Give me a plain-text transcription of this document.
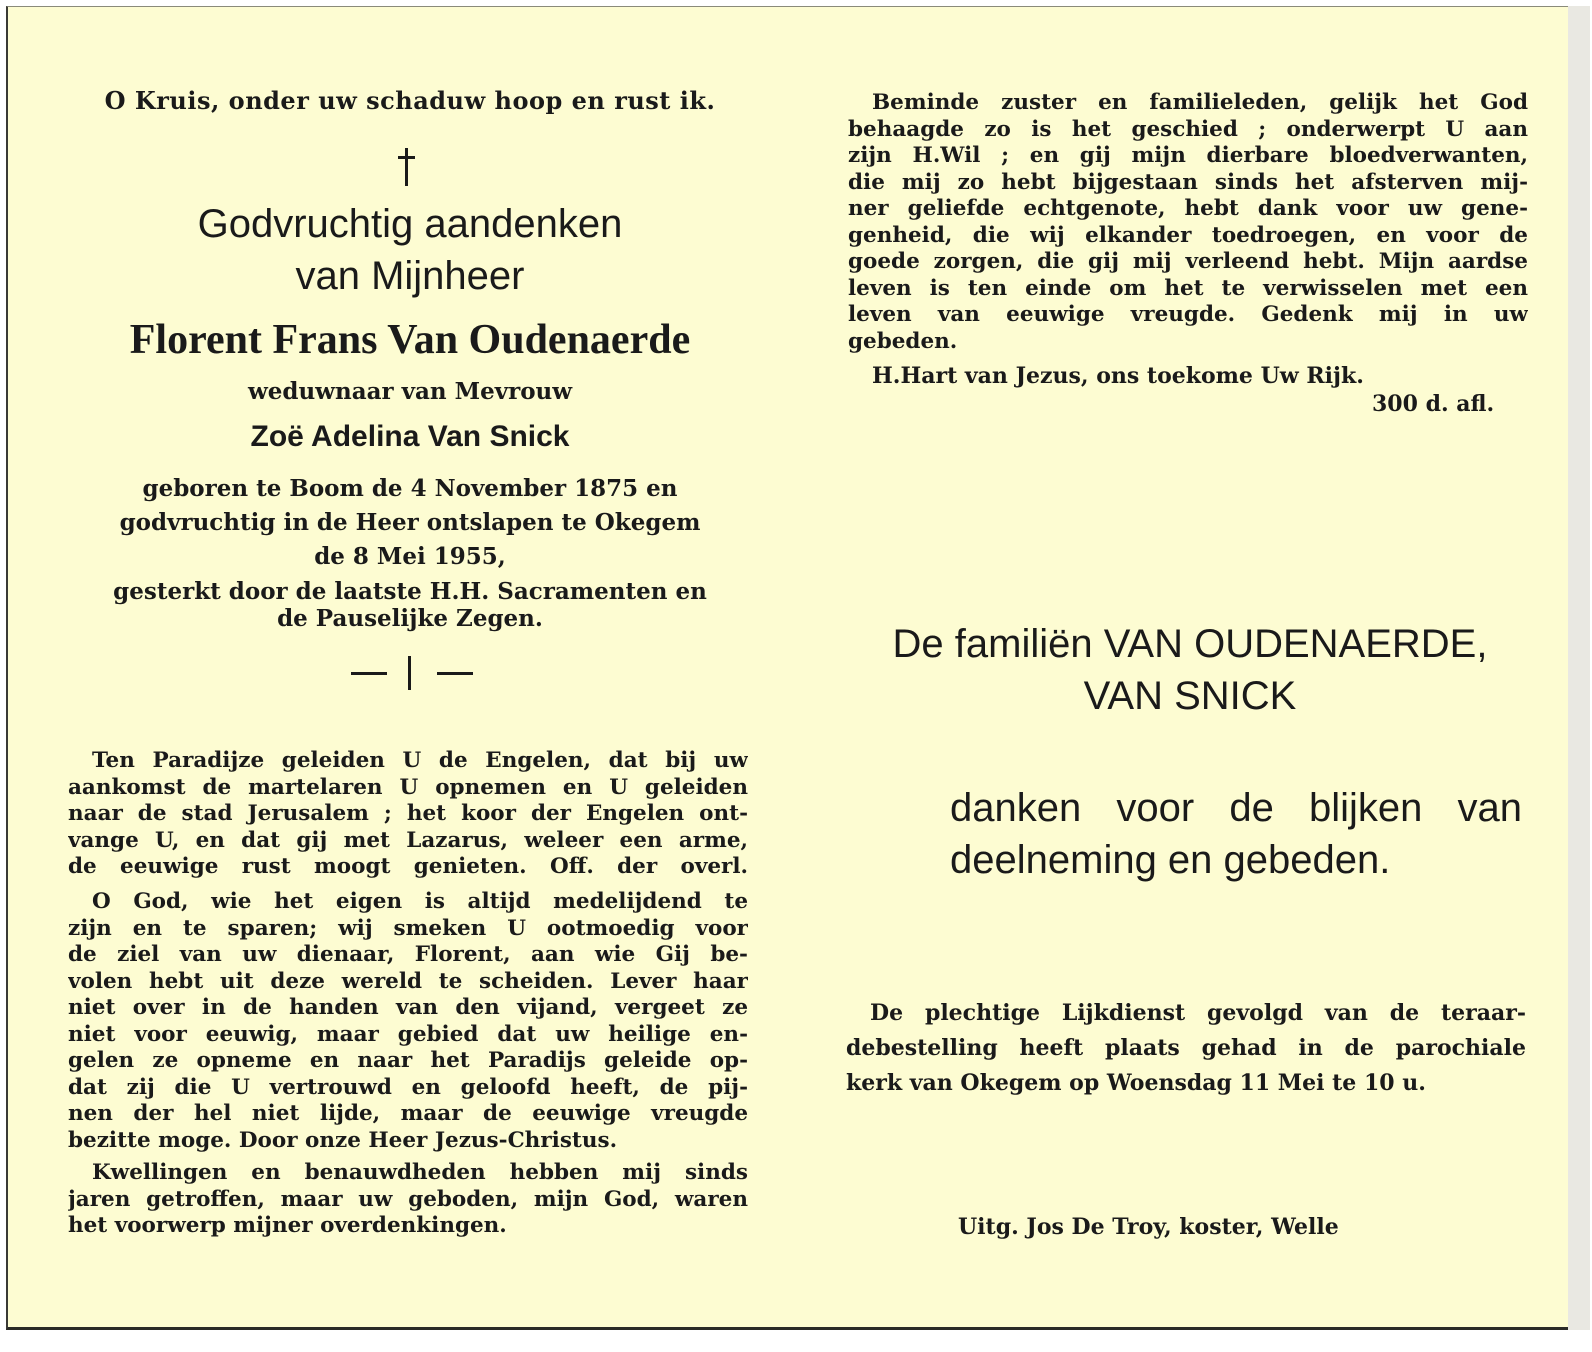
O Kruis, onder uw schaduw hoop en rust ik.
Godvruchtig aandenken
van Mijnheer
Florent Frans Van Oudenaerde
weduwnaar van Mevrouw
Zoë Adelina Van Snick
geboren te Boom de 4 November 1875 en
godvruchtig in de Heer ontslapen te Okegem
de 8 Mei 1955,
gesterkt door de laatste H.H. Sacramenten en
de Pauselijke Zegen.
Ten Paradijze geleiden U de Engelen, dat bij uw
aankomst de martelaren U opnemen en U geleiden
naar de stad Jerusalem ; het koor der Engelen ont-
vange U, en dat gij met Lazarus, weleer een arme,
de eeuwige rust moogt genieten. Off. der overl.
O God, wie het eigen is altijd medelijdend te
zijn en te sparen; wij smeken U ootmoedig voor
de ziel van uw dienaar, Florent, aan wie Gij be-
volen hebt uit deze wereld te scheiden. Lever haar
niet over in de handen van den vijand, vergeet ze
niet voor eeuwig, maar gebied dat uw heilige en-
gelen ze opneme en naar het Paradijs geleide op-
dat zij die U vertrouwd en geloofd heeft, de pij-
nen der hel niet lijde, maar de eeuwige vreugde
bezitte moge. Door onze Heer Jezus-Christus.
Kwellingen en benauwdheden hebben mij sinds
jaren getroffen, maar uw geboden, mijn God, waren
het voorwerp mijner overdenkingen.
Beminde zuster en familieleden, gelijk het God
behaagde zo is het geschied ; onderwerpt U aan
zijn H.Wil ; en gij mijn dierbare bloedverwanten,
die mij zo hebt bijgestaan sinds het afsterven mij-
ner geliefde echtgenote, hebt dank voor uw gene-
genheid, die wij elkander toedroegen, en voor de
goede zorgen, die gij mij verleend hebt. Mijn aardse
leven is ten einde om het te verwisselen met een
leven van eeuwige vreugde. Gedenk mij in uw
gebeden.
H.Hart van Jezus, ons toekome Uw Rijk.
300 d. afl.
De familiën VAN OUDENAERDE,
VAN SNICK
danken voor de blijken van
deelneming en gebeden.
De plechtige Lijkdienst gevolgd van de teraar-
debestelling heeft plaats gehad in de parochiale
kerk van Okegem op Woensdag 11 Mei te 10 u.
Uitg. Jos De Troy, koster, Welle
